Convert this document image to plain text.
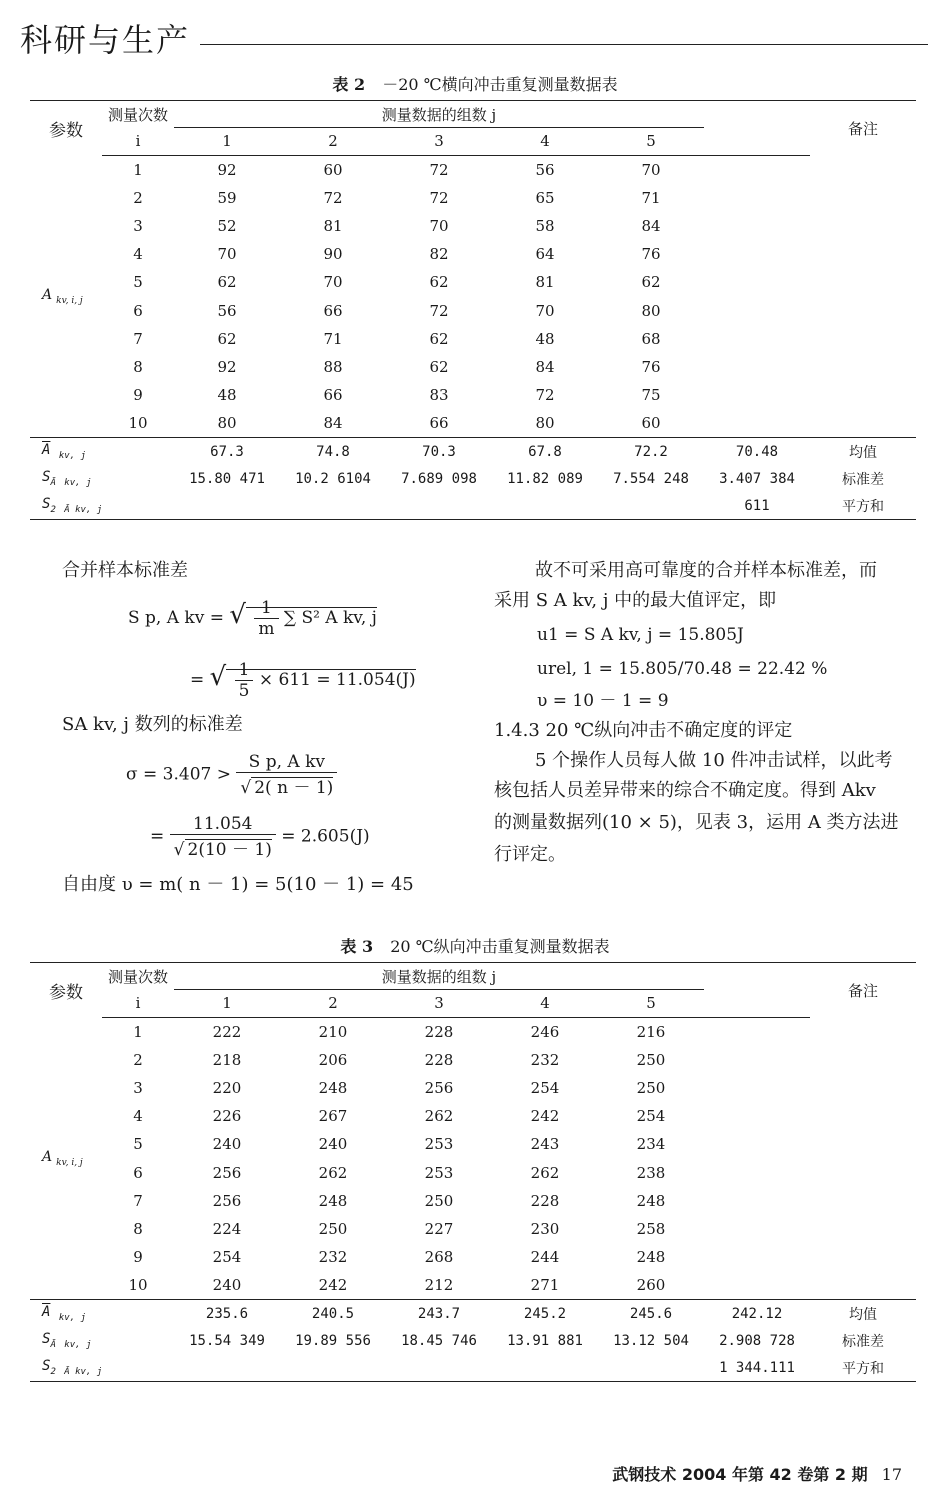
科研与生产
表 2 －20 ℃横向冲击重复测量数据表
参数	测量次数	测量数据的组数 j						备注
	i	1	2	3	4	5		
A $_{kv, i, j}$	1	92	60	72	56	70		
	2	59	72	72	65	71		
	3	52	81	70	58	84		
	4	70	90	82	64	76		
	5	62	70	62	81	62		
	6	56	66	72	70	80		
	7	62	71	62	48	68		
	8	92	88	62	84	76		
	9	48	66	83	72	75		
	10	80	84	66	80	60		
$\overline{A}$ $_{kv, j}$		67.3	74.8	70.3	67.8	72.2	70.48	均值
$S_Ā$ $_{kv, j}$		15.80 471	10.2 6104	7.689 098	11.82 089	7.554 248	3.407 384	标准差
$S_2$ $_{Ā kv, j}$							611	平方和
合并样本标准差
S p, A kv = √ $\frac{1}{m}$ ∑ S² A kv, j
= √ $\frac{1}{5} \times 611 = 11.054(J)$
SA kv, j 数列的标准差
$\sigma = 3.407 > \frac{\text{S p, A kv}}{√ 2( n - 1)}$
= $\frac{11.054}{√ 2(10 - 1)} = 2.605(J)$
自由度 υ = m( n － 1) = 5(10 － 1) = 45
故不可采用高可靠度的合并样本标准差，而
采用 S A kv, j 中的最大值评定，即
u1 = S A kv, j = 15.805J
urel, 1 = 15.805/70.48 = 22.42 %
υ = 10 － 1 = 9
1.4.3 20 ℃纵向冲击不确定度的评定
5 个操作人员每人做 10 件冲击试样，以此考
核包括人员差异带来的综合不确定度。得到 Akv
的测量数据列(10 × 5)，见表 3，运用 A 类方法进
行评定。
表 3 20 ℃纵向冲击重复测量数据表
参数	测量次数	测量数据的组数 j						备注
	i	1	2	3	4	5		
A $_{kv, i, j}$	1	222	210	228	246	216		
	2	218	206	228	232	250		
	3	220	248	256	254	250		
	4	226	267	262	242	254		
	5	240	240	253	243	234		
	6	256	262	253	262	238		
	7	256	248	250	228	248		
	8	224	250	227	230	258		
	9	254	232	268	244	248		
	10	240	242	212	271	260		
$\overline{A}$ $_{kv, j}$		235.6	240.5	243.7	245.2	245.6	242.12	均值
$S_Ā$ $_{kv, j}$		15.54 349	19.89 556	18.45 746	13.91 881	13.12 504	2.908 728	标准差
$S_2$ $_{Ā kv, j}$							1 344.111	平方和
武钢技术 2004 年第 42 卷第 2 期 17
